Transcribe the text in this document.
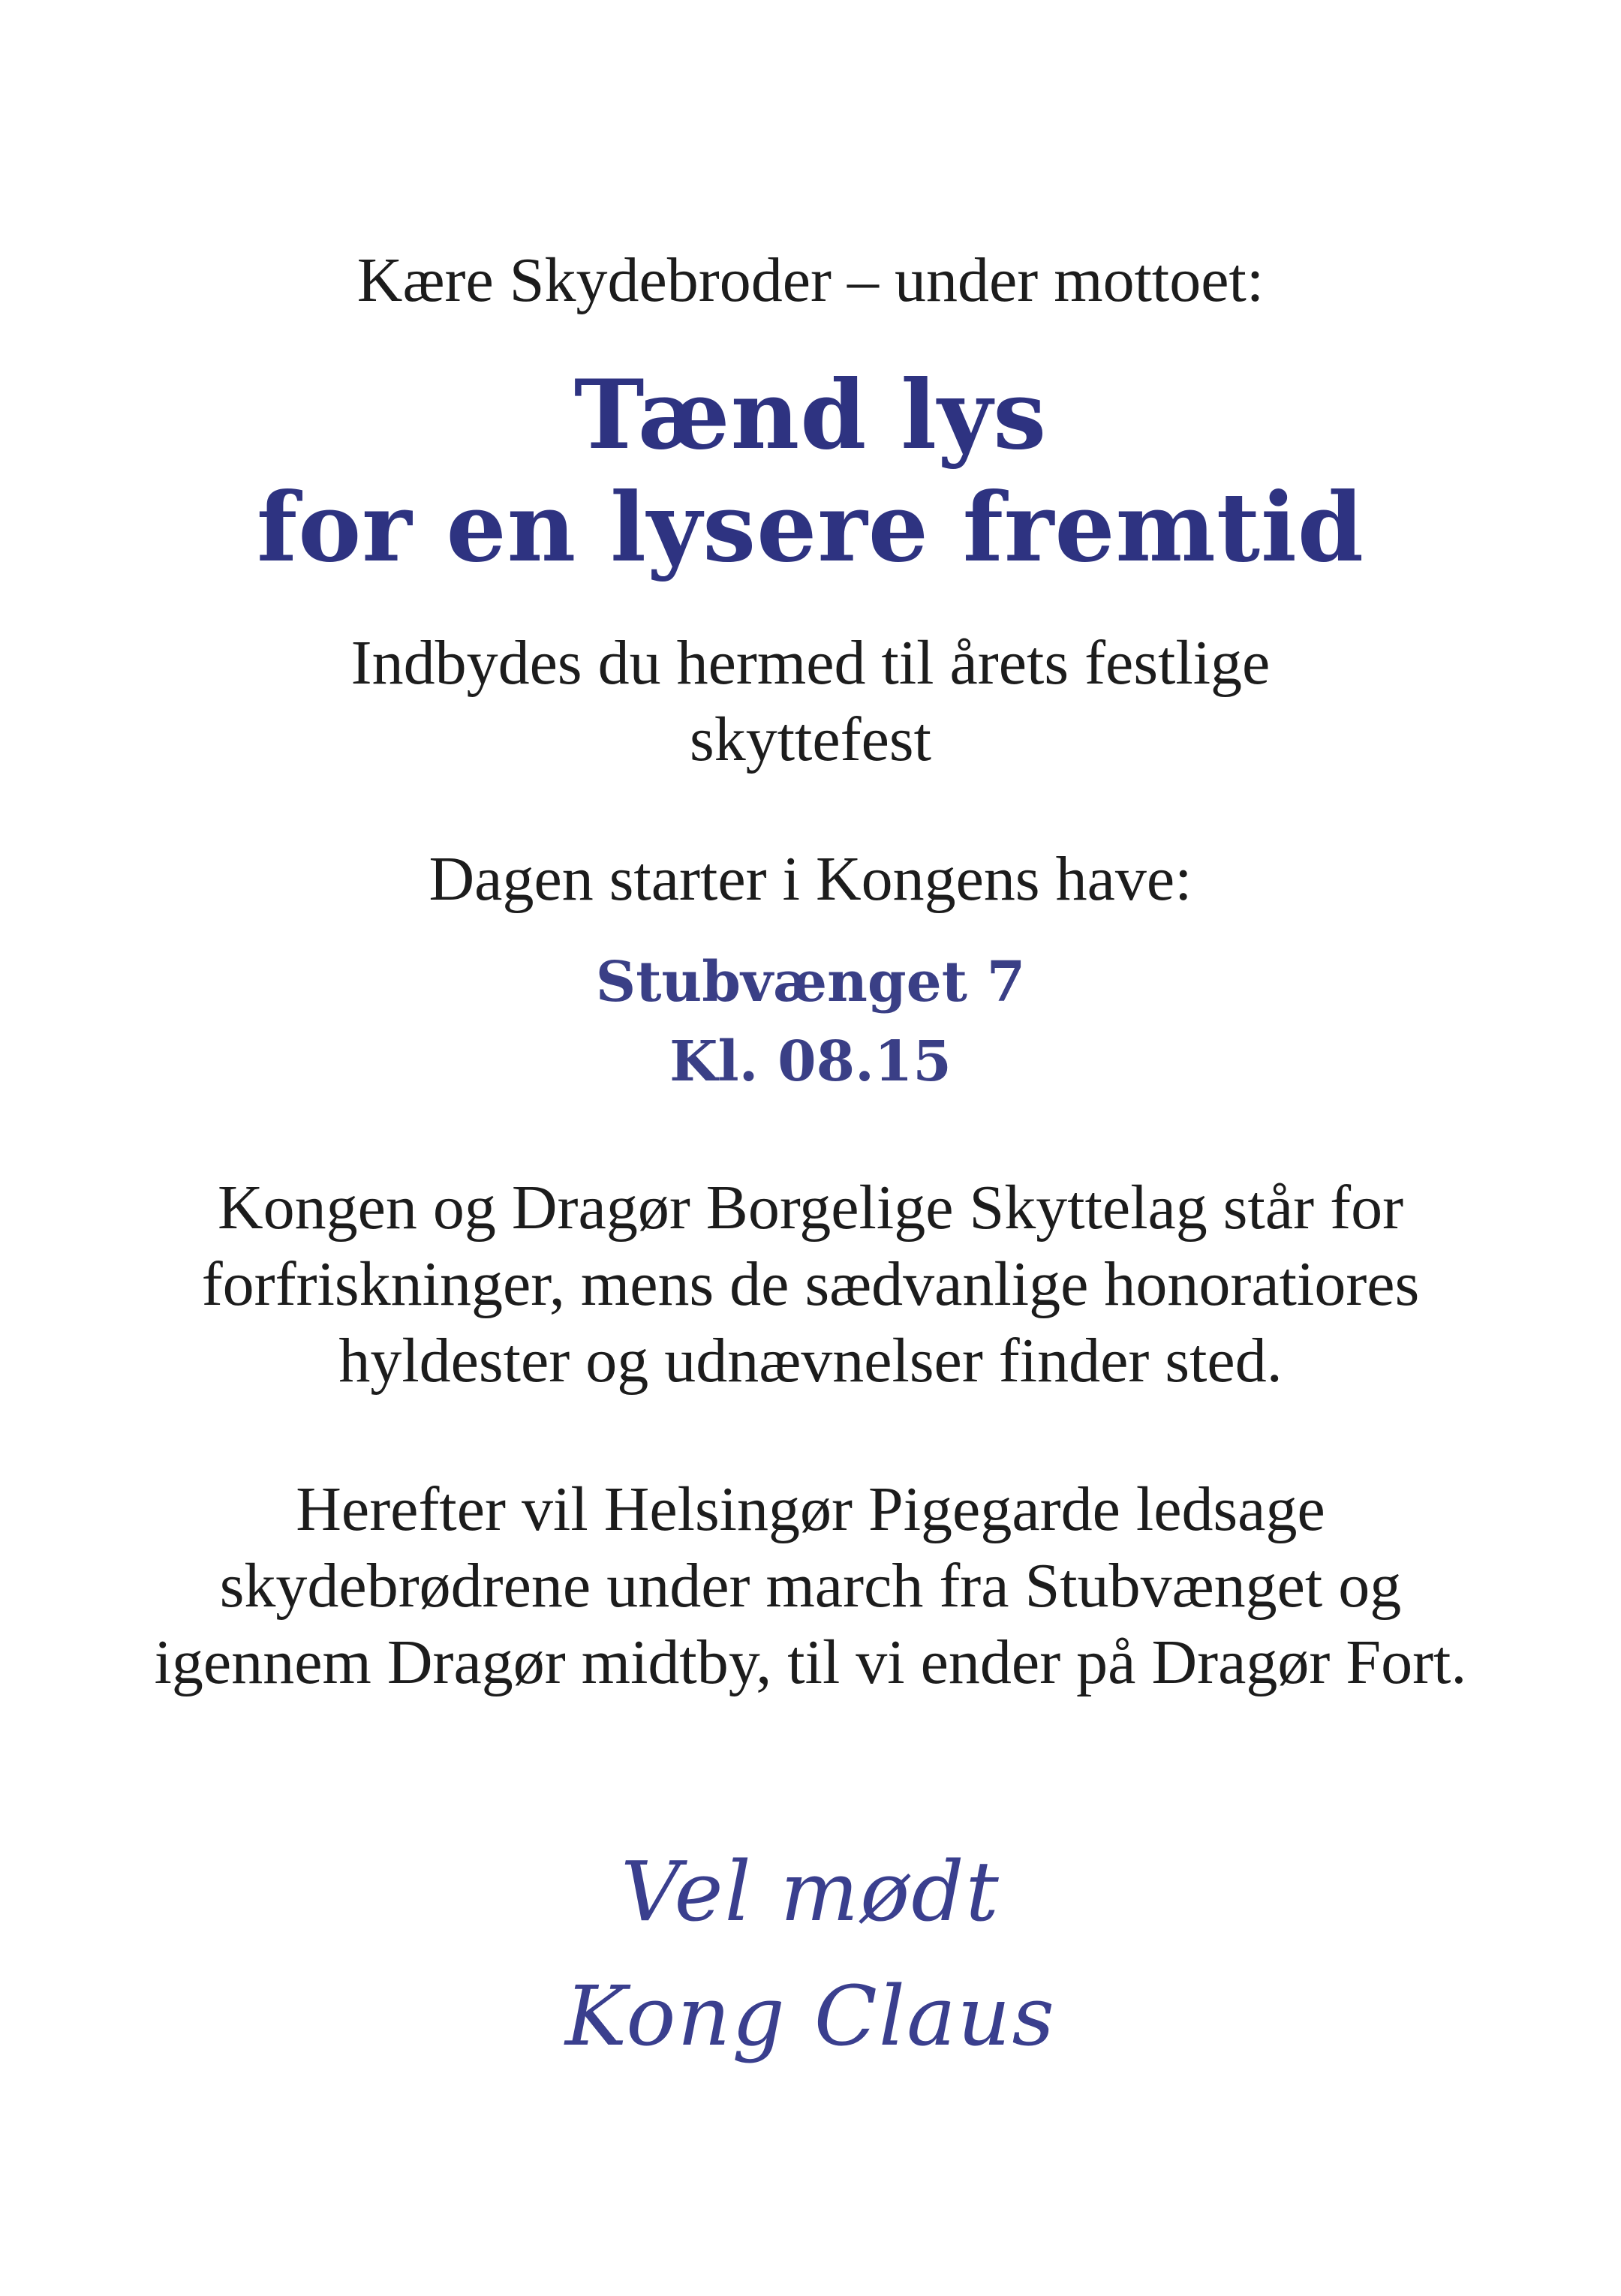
Kære Skydebroder – under mottoet:
Tænd lys
for en lysere fremtid
Indbydes du hermed til årets festlige
skyttefest
Dagen starter i Kongens have:
Stubvænget 7
Kl. 08.15
Kongen og Dragør Borgelige Skyttelag står for
forfriskninger, mens de sædvanlige honoratiores
hyldester og udnævnelser finder sted.
Herefter vil Helsingør Pigegarde ledsage
skydebrødrene under march fra Stubvænget og
igennem Dragør midtby, til vi ender på Dragør Fort.
Vel mødt
Kong Claus
